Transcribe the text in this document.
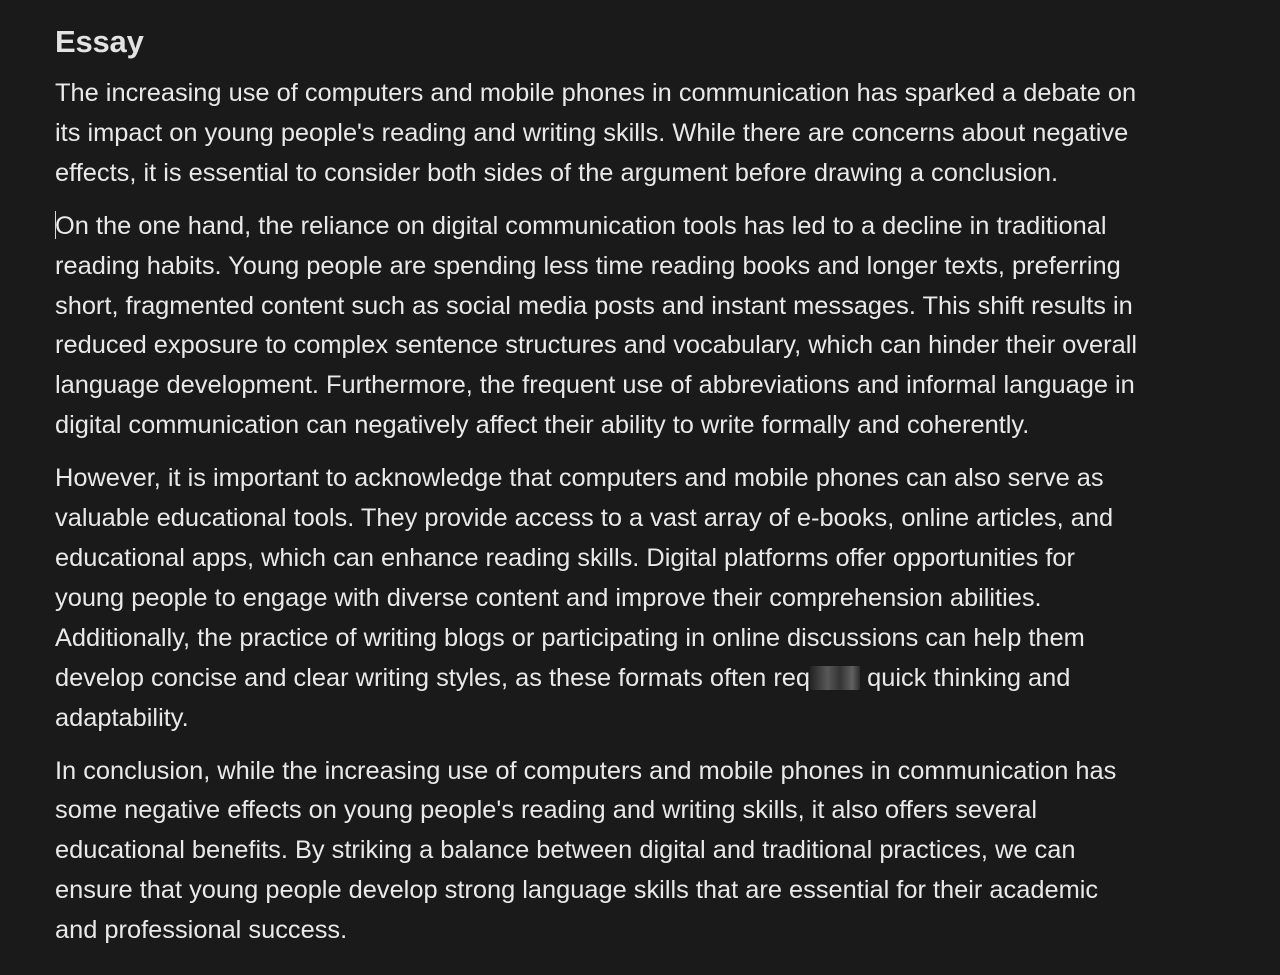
Essay
The increasing use of computers and mobile phones in communication has sparked a debate on
its impact on young people's reading and writing skills. While there are concerns about negative
effects, it is essential to consider both sides of the argument before drawing a conclusion.
On the one hand, the reliance on digital communication tools has led to a decline in traditional
reading habits. Young people are spending less time reading books and longer texts, preferring
short, fragmented content such as social media posts and instant messages. This shift results in
reduced exposure to complex sentence structures and vocabulary, which can hinder their overall
language development. Furthermore, the frequent use of abbreviations and informal language in
digital communication can negatively affect their ability to write formally and coherently.
However, it is important to acknowledge that computers and mobile phones can also serve as
valuable educational tools. They provide access to a vast array of e-books, online articles, and
educational apps, which can enhance reading skills. Digital platforms offer opportunities for
young people to engage with diverse content and improve their comprehension abilities.
Additionally, the practice of writing blogs or participating in online discussions can help them
develop concise and clear writing styles, as these formats often req quick thinking and
adaptability.
In conclusion, while the increasing use of computers and mobile phones in communication has
some negative effects on young people's reading and writing skills, it also offers several
educational benefits. By striking a balance between digital and traditional practices, we can
ensure that young people develop strong language skills that are essential for their academic
and professional success.
